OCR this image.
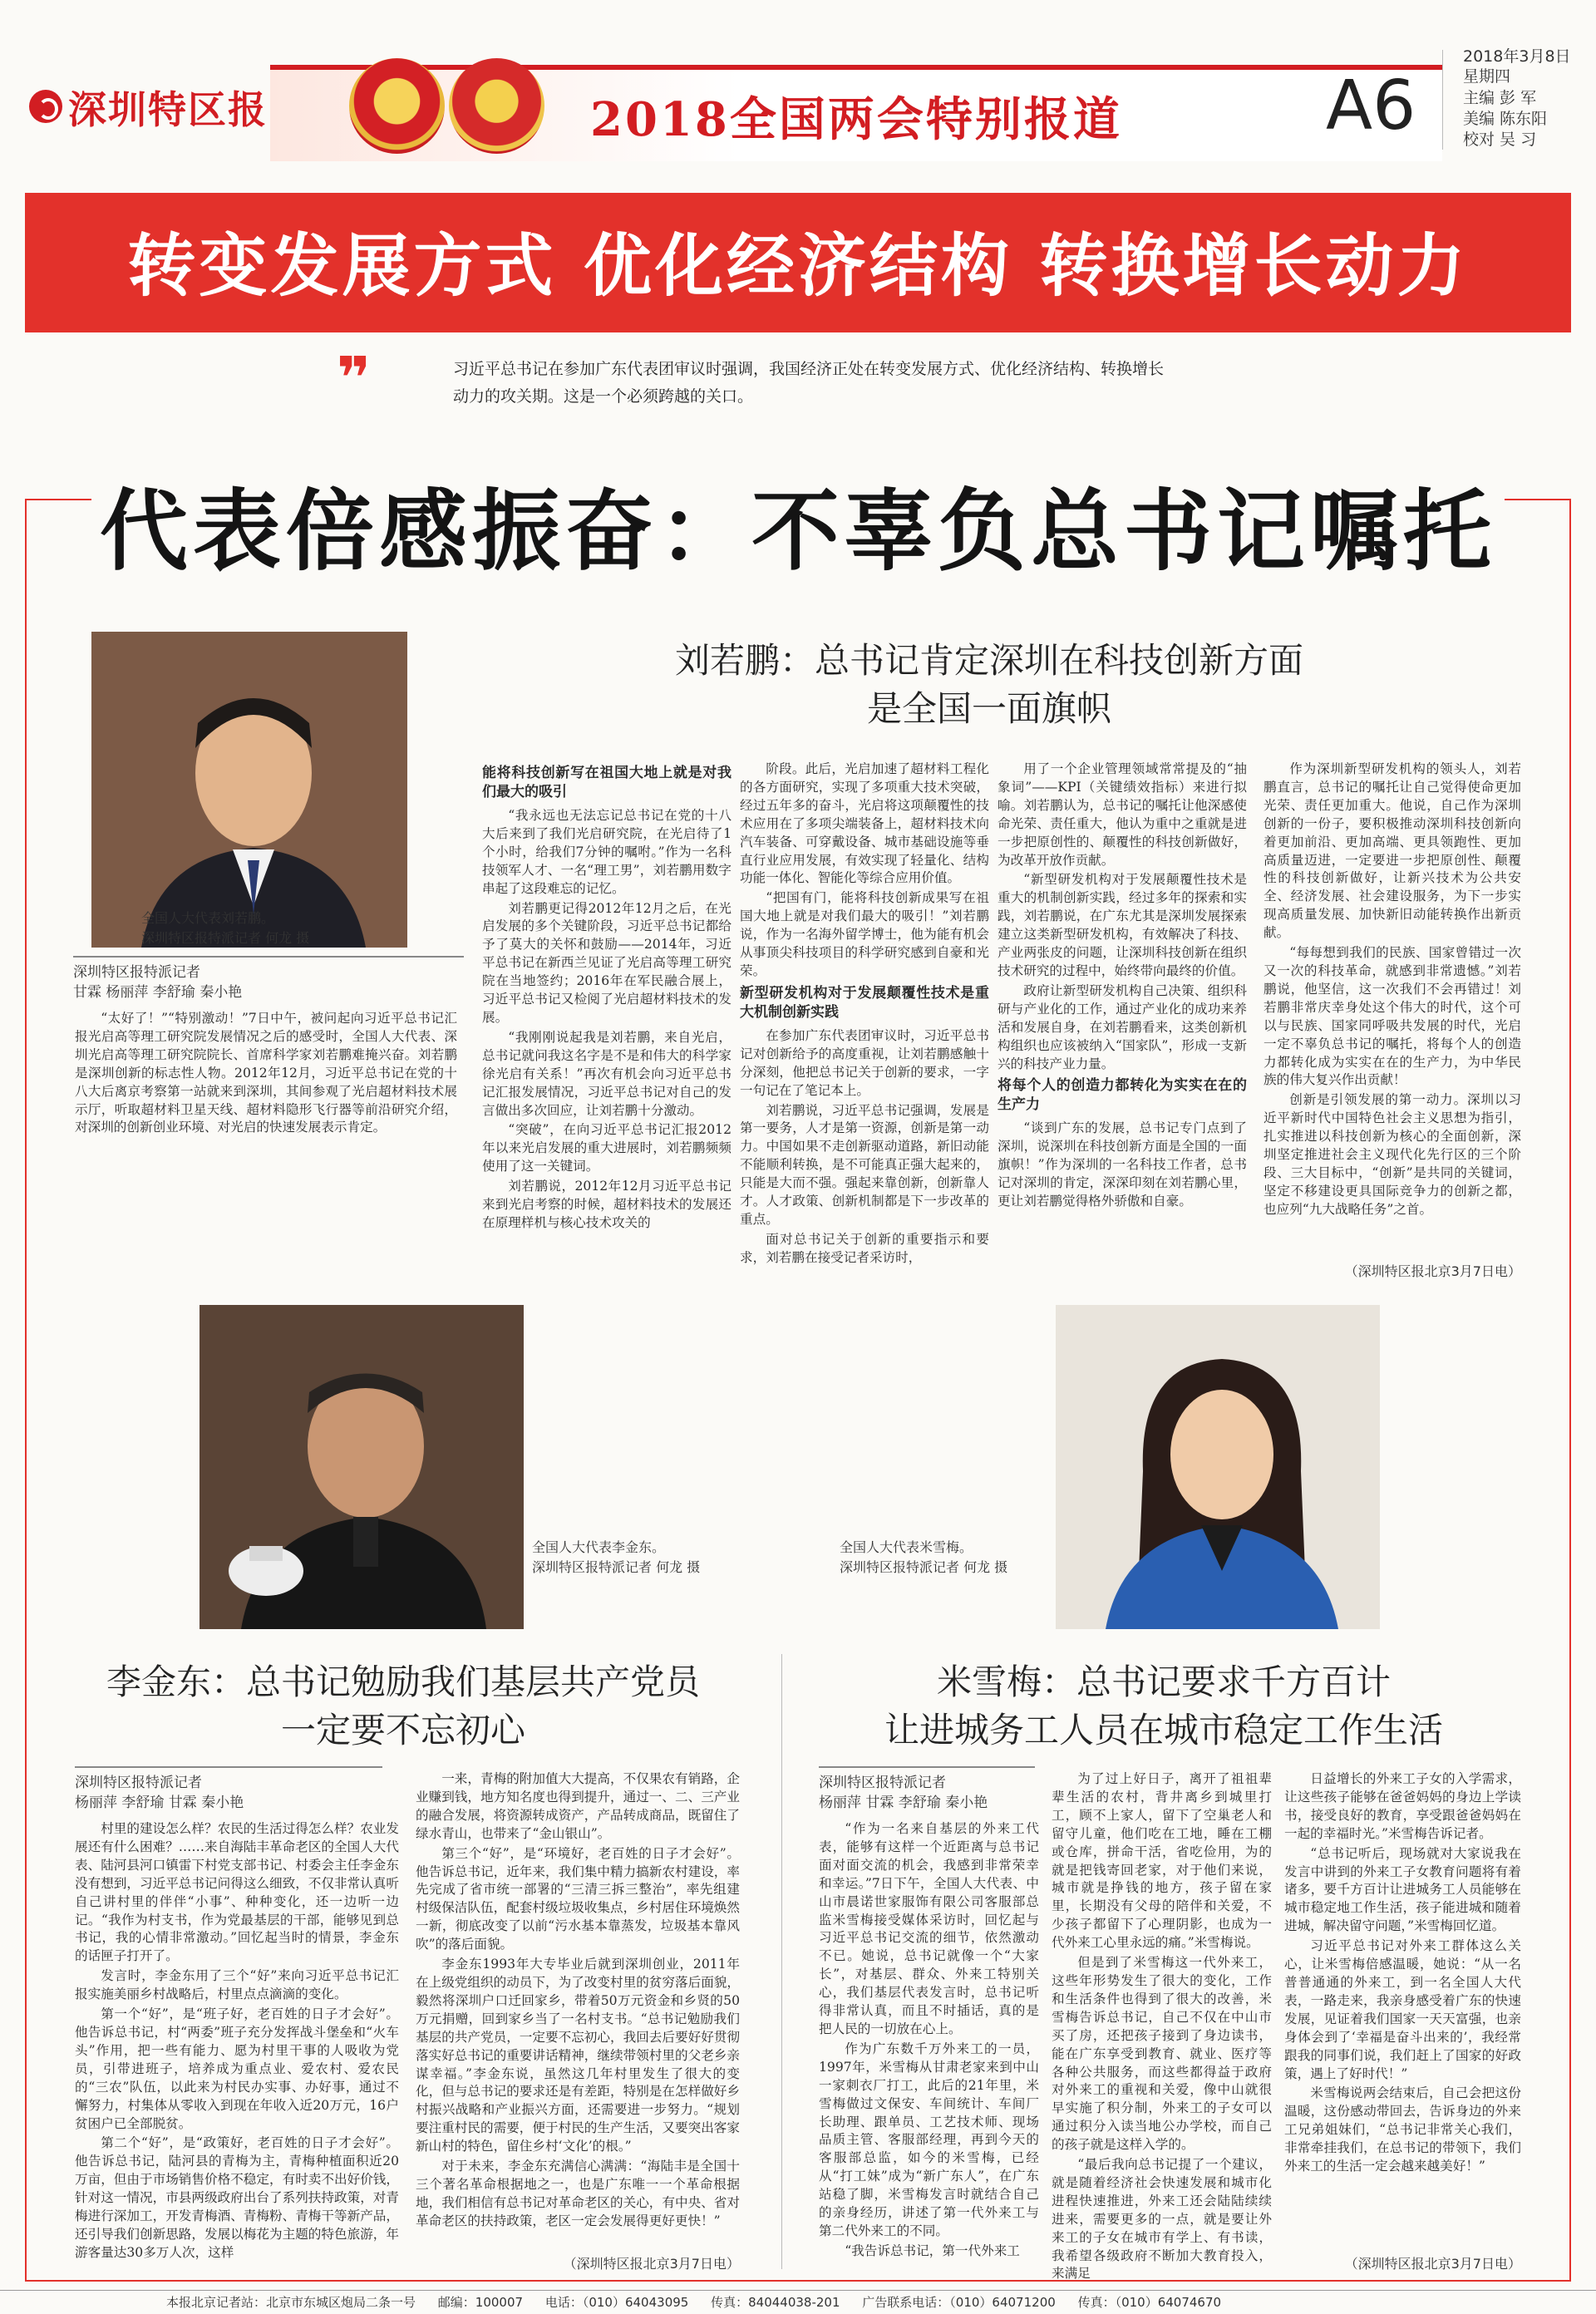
深圳特区报	2018全国两会特别报道	A6
2018年3月8日
星期四
主编 彭 军
美编 陈东阳
校对 吴 习
转变发展方式 优化经济结构 转换增长动力
❞	习近平总书记在参加广东代表团审议时强调，我国经济正处在转变发展方式、优化经济结构、转换增长动力的攻关期。这是一个必须跨越的关口。
代表倍感振奋：不辜负总书记嘱托
刘若鹏：总书记肯定深圳在科技创新方面
是全国一面旗帜
全国人大代表刘若鹏。
深圳特区报特派记者 何龙 摄
深圳特区报特派记者
甘霖 杨丽萍 李舒瑜 秦小艳

“太好了！”“特别激动！”7日中午，被问起向习近平总书记汇报光启高等理工研究院发展情况之后的感受时，全国人大代表、深圳光启高等理工研究院院长、首席科学家刘若鹏难掩兴奋。刘若鹏是深圳创新的标志性人物。2012年12月，习近平总书记在党的十八大后离京考察第一站就来到深圳，其间参观了光启超材料技术展示厅，听取超材料卫星天线、超材料隐形飞行器等前沿研究介绍，对深圳的创新创业环境、对光启的快速发展表示肯定。

能将科技创新写在祖国大地上就是对我们最大的吸引

“我永远也无法忘记总书记在党的十八大后来到了我们光启研究院，在光启待了1个小时，给我们7分钟的嘱咐。”作为一名科技领军人才、一名“理工男”，刘若鹏用数字串起了这段难忘的记忆。

刘若鹏更记得2012年12月之后，在光启发展的多个关键阶段，习近平总书记都给予了莫大的关怀和鼓励——2014年，习近平总书记在新西兰见证了光启高等理工研究院在当地签约；2016年在军民融合展上，习近平总书记又检阅了光启超材料技术的发展。

“我刚刚说起我是刘若鹏，来自光启，总书记就问我这名字是不是和伟大的科学家徐光启有关系！”再次有机会向习近平总书记汇报发展情况，习近平总书记对自己的发言做出多次回应，让刘若鹏十分激动。

“突破”，在向习近平总书记汇报2012年以来光启发展的重大进展时，刘若鹏频频使用了这一关键词。

刘若鹏说，2012年12月习近平总书记来到光启考察的时候，超材料技术的发展还在原理样机与核心技术攻关的

阶段。此后，光启加速了超材料工程化的各方面研究，实现了多项重大技术突破，经过五年多的奋斗，光启将这项颠覆性的技术应用在了多项尖端装备上，超材料技术向汽车装备、可穿戴设备、城市基础设施等垂直行业应用发展，有效实现了轻量化、结构功能一体化、智能化等综合应用价值。

“把国有门，能将科技创新成果写在祖国大地上就是对我们最大的吸引！”刘若鹏说，作为一名海外留学博士，他为能有机会从事顶尖科技项目的科学研究感到自豪和光荣。

新型研发机构对于发展颠覆性技术是重大机制创新实践

在参加广东代表团审议时，习近平总书记对创新给予的高度重视，让刘若鹏感触十分深刻，他把总书记关于创新的要求，一字一句记在了笔记本上。

刘若鹏说，习近平总书记强调，发展是第一要务，人才是第一资源，创新是第一动力。中国如果不走创新驱动道路，新旧动能不能顺利转换，是不可能真正强大起来的，只能是大而不强。强起来靠创新，创新靠人才。人才政策、创新机制都是下一步改革的重点。

面对总书记关于创新的重要指示和要求，刘若鹏在接受记者采访时，

用了一个企业管理领域常常提及的“抽象词”——KPI（关键绩效指标）来进行拟喻。刘若鹏认为，总书记的嘱托让他深感使命光荣、责任重大，他认为重中之重就是进一步把原创性的、颠覆性的科技创新做好，为改革开放作贡献。

“新型研发机构对于发展颠覆性技术是重大的机制创新实践，经过多年的探索和实践，刘若鹏说，在广东尤其是深圳发展探索建立这类新型研发机构，有效解决了科技、产业两张皮的问题，让深圳科技创新在组织技术研究的过程中，始终带向最终的价值。

政府让新型研发机构自己决策、组织科研与产业化的工作，通过产业化的成功来养活和发展自身，在刘若鹏看来，这类创新机构组织也应该被纳入“国家队”，形成一支新兴的科技产业力量。

将每个人的创造力都转化为实实在在的生产力

“谈到广东的发展，总书记专门点到了深圳，说深圳在科技创新方面是全国的一面旗帜！”作为深圳的一名科技工作者，总书记对深圳的肯定，深深印刻在刘若鹏心里，更让刘若鹏觉得格外骄傲和自豪。

作为深圳新型研发机构的领头人，刘若鹏直言，总书记的嘱托让自己觉得使命更加光荣、责任更加重大。他说，自己作为深圳创新的一份子，要积极推动深圳科技创新向着更加前沿、更加高端、更具领跑性、更加高质量迈进，一定要进一步把原创性、颠覆性的科技创新做好，让新兴技术为公共安全、经济发展、社会建设服务，为下一步实现高质量发展、加快新旧动能转换作出新贡献。

“每每想到我们的民族、国家曾错过一次又一次的科技革命，就感到非常遗憾。”刘若鹏说，他坚信，这一次我们不会再错过！刘若鹏非常庆幸身处这个伟大的时代，这个可以与民族、国家同呼吸共发展的时代，光启一定不辜负总书记的嘱托，将每个人的创造力都转化成为实实在在的生产力，为中华民族的伟大复兴作出贡献！

创新是引领发展的第一动力。深圳以习近平新时代中国特色社会主义思想为指引，扎实推进以科技创新为核心的全面创新，深圳坚定推进社会主义现代化先行区的三个阶段、三大目标中，“创新”是共同的关键词，坚定不移建设更具国际竞争力的创新之都，也应列“九大战略任务”之首。

（深圳特区报北京3月7日电）
全国人大代表李金东。
深圳特区报特派记者 何龙 摄
全国人大代表米雪梅。
深圳特区报特派记者 何龙 摄
李金东：总书记勉励我们基层共产党员
一定要不忘初心
深圳特区报特派记者
杨丽萍 李舒瑜 甘霖 秦小艳

村里的建设怎么样？农民的生活过得怎么样？农业发展还有什么困难？……来自海陆丰革命老区的全国人大代表、陆河县河口镇雷下村党支部书记、村委会主任李金东没有想到，习近平总书记问得这么细致，不仅非常认真听自己讲村里的伴伴“小事”、种种变化，还一边听一边记。“我作为村支书，作为党最基层的干部，能够见到总书记，我的心情非常激动。”回忆起当时的情景，李金东的话匣子打开了。

发言时，李金东用了三个“好”来向习近平总书记汇报实施美丽乡村战略后，村里点点滴滴的变化。

第一个“好”，是“班子好，老百姓的日子才会好”。他告诉总书记，村“两委”班子充分发挥战斗堡垒和“火车头”作用，把一些有能力、愿为村里干事的人吸收为党员，引带进班子，培养成为重点业、爱农村、爱农民的“三农”队伍，以此来为村民办实事、办好事，通过不懈努力，村集体从零收入到现在年收入近20万元，16户贫困户已全部脱贫。

第二个“好”，是“政策好，老百姓的日子才会好”。他告诉总书记，陆河县的青梅为主，青梅种植面积近20万亩，但由于市场销售价格不稳定，有时卖不出好价钱，针对这一情况，市县两级政府出台了系列扶持政策，对青梅进行深加工，开发青梅酒、青梅粉、青梅干等新产品，还引导我们创新思路，发展以梅花为主题的特色旅游，年游客量达30多万人次，这样

一来，青梅的附加值大大提高，不仅果农有销路，企业赚到钱，地方知名度也得到提升，通过一、二、三产业的融合发展，将资源转成资产，产品转成商品，既留住了绿水青山，也带来了“金山银山”。

第三个“好”，是“环境好，老百姓的日子才会好”。他告诉总书记，近年来，我们集中精力搞新农村建设，率先完成了省市统一部署的“三清三拆三整治”，率先组建村级保洁队伍，配套村级垃圾收集点，乡村居住环境焕然一新，彻底改变了以前“污水基本靠蒸发，垃圾基本靠风吹”的落后面貌。

李金东1993年大专毕业后就到深圳创业，2011年在上级党组织的动员下，为了改变村里的贫穷落后面貌，毅然将深圳户口迁回家乡，带着50万元资金和乡贤的50万元捐赠，回到家乡当了一名村支书。“总书记勉励我们基层的共产党员，一定要不忘初心，我回去后要好好贯彻落实好总书记的重要讲话精神，继续带领村里的父老乡亲谋幸福。”李金东说，虽然这几年村里发生了很大的变化，但与总书记的要求还是有差距，特别是在怎样做好乡村振兴战略和产业振兴方面，还需要进一步努力。“规划要注重村民的需要，便于村民的生产生活，又要突出客家新山村的特色，留住乡村‘文化’的根。”

对于未来，李金东充满信心满满：“海陆丰是全国十三个著名革命根据地之一，也是广东唯一一个革命根据地，我们相信有总书记对革命老区的关心，有中央、省对革命老区的扶持政策，老区一定会发展得更好更快！”

（深圳特区报北京3月7日电）
米雪梅：总书记要求千方百计
让进城务工人员在城市稳定工作生活
深圳特区报特派记者
杨丽萍 甘霖 李舒瑜 秦小艳

“作为一名来自基层的外来工代表，能够有这样一个近距离与总书记面对面交流的机会，我感到非常荣幸和幸运。”7日下午，全国人大代表、中山市晨诺世家服饰有限公司客服部总监米雪梅接受媒体采访时，回忆起与习近平总书记交流的细节，依然激动不已。她说，总书记就像一个“大家长”，对基层、群众、外来工特别关心，我们基层代表发言时，总书记听得非常认真，而且不时插话，真的是把人民的一切放在心上。

作为广东数千万外来工的一员，1997年，米雪梅从甘肃老家来到中山一家刺衣厂打工，此后的21年里，米雪梅做过文保安、车间统计、车间厂长助理、跟单员、工艺技术师、现场品质主管、客服部经理，再到今天的客服部总监，如今的米雪梅，已经从“打工妹”成为“新广东人”，在广东站稳了脚，米雪梅发言时就结合自己的亲身经历，讲述了第一代外来工与第二代外来工的不同。

“我告诉总书记，第一代外来工

为了过上好日子，离开了祖祖辈辈生活的农村，背井离乡到城里打工，顾不上家人，留下了空巢老人和留守儿童，他们吃在工地，睡在工棚或仓库，拼命干活，省吃俭用，为的就是把钱寄回老家，对于他们来说，城市就是挣钱的地方，孩子留在家里，长期没有父母的陪伴和关爱，不少孩子都留下了心理阴影，也成为一代外来工心里永远的痛。”米雪梅说。

但是到了米雪梅这一代外来工，这些年形势发生了很大的变化，工作和生活条件也得到了很大的改善，米雪梅告诉总书记，自己不仅在中山市买了房，还把孩子接到了身边读书，能在广东享受到教育、就业、医疗等各种公共服务，而这些都得益于政府对外来工的重视和关爱，像中山就很早实施了积分制，外来工的子女可以通过积分入读当地公办学校，而自己的孩子就是这样入学的。

“最后我向总书记提了一个建议，就是随着经济社会快速发展和城市化进程快速推进，外来工还会陆陆续续进来，需要更多的一点，就是要让外来工的子女在城市有学上、有书读，我希望各级政府不断加大教育投入，来满足

日益增长的外来工子女的入学需求，让这些孩子能够在爸爸妈妈的身边上学读书，接受良好的教育，享受跟爸爸妈妈在一起的幸福时光。”米雪梅告诉记者。

“总书记听后，现场就对大家说我在发言中讲到的外来工子女教育问题将有着诸多，要千方百计让进城务工人员能够在城市稳定地工作生活，孩子能进城和随着进城，解决留守问题，”米雪梅回忆道。

习近平总书记对外来工群体这么关心，让米雪梅倍感温暖，她说：“从一名普普通通的外来工，到一名全国人大代表，一路走来，我亲身感受着广东的快速发展，见证着我们国家一天天富强，也亲身体会到了‘幸福是奋斗出来的’，我经常跟我的同事们说，我们赶上了国家的好政策，遇上了好时代！”

米雪梅说两会结束后，自己会把这份温暖，这份感动带回去，告诉身边的外来工兄弟姐妹们，“总书记非常关心我们，非常牵挂我们，在总书记的带领下，我们外来工的生活一定会越来越美好！”

（深圳特区报北京3月7日电）
本报北京记者站：北京市东城区炮局二条一号 邮编：100007 电话：（010）64043095 传真：84044038-201 广告联系电话：（010）64071200 传真：（010）64074670
